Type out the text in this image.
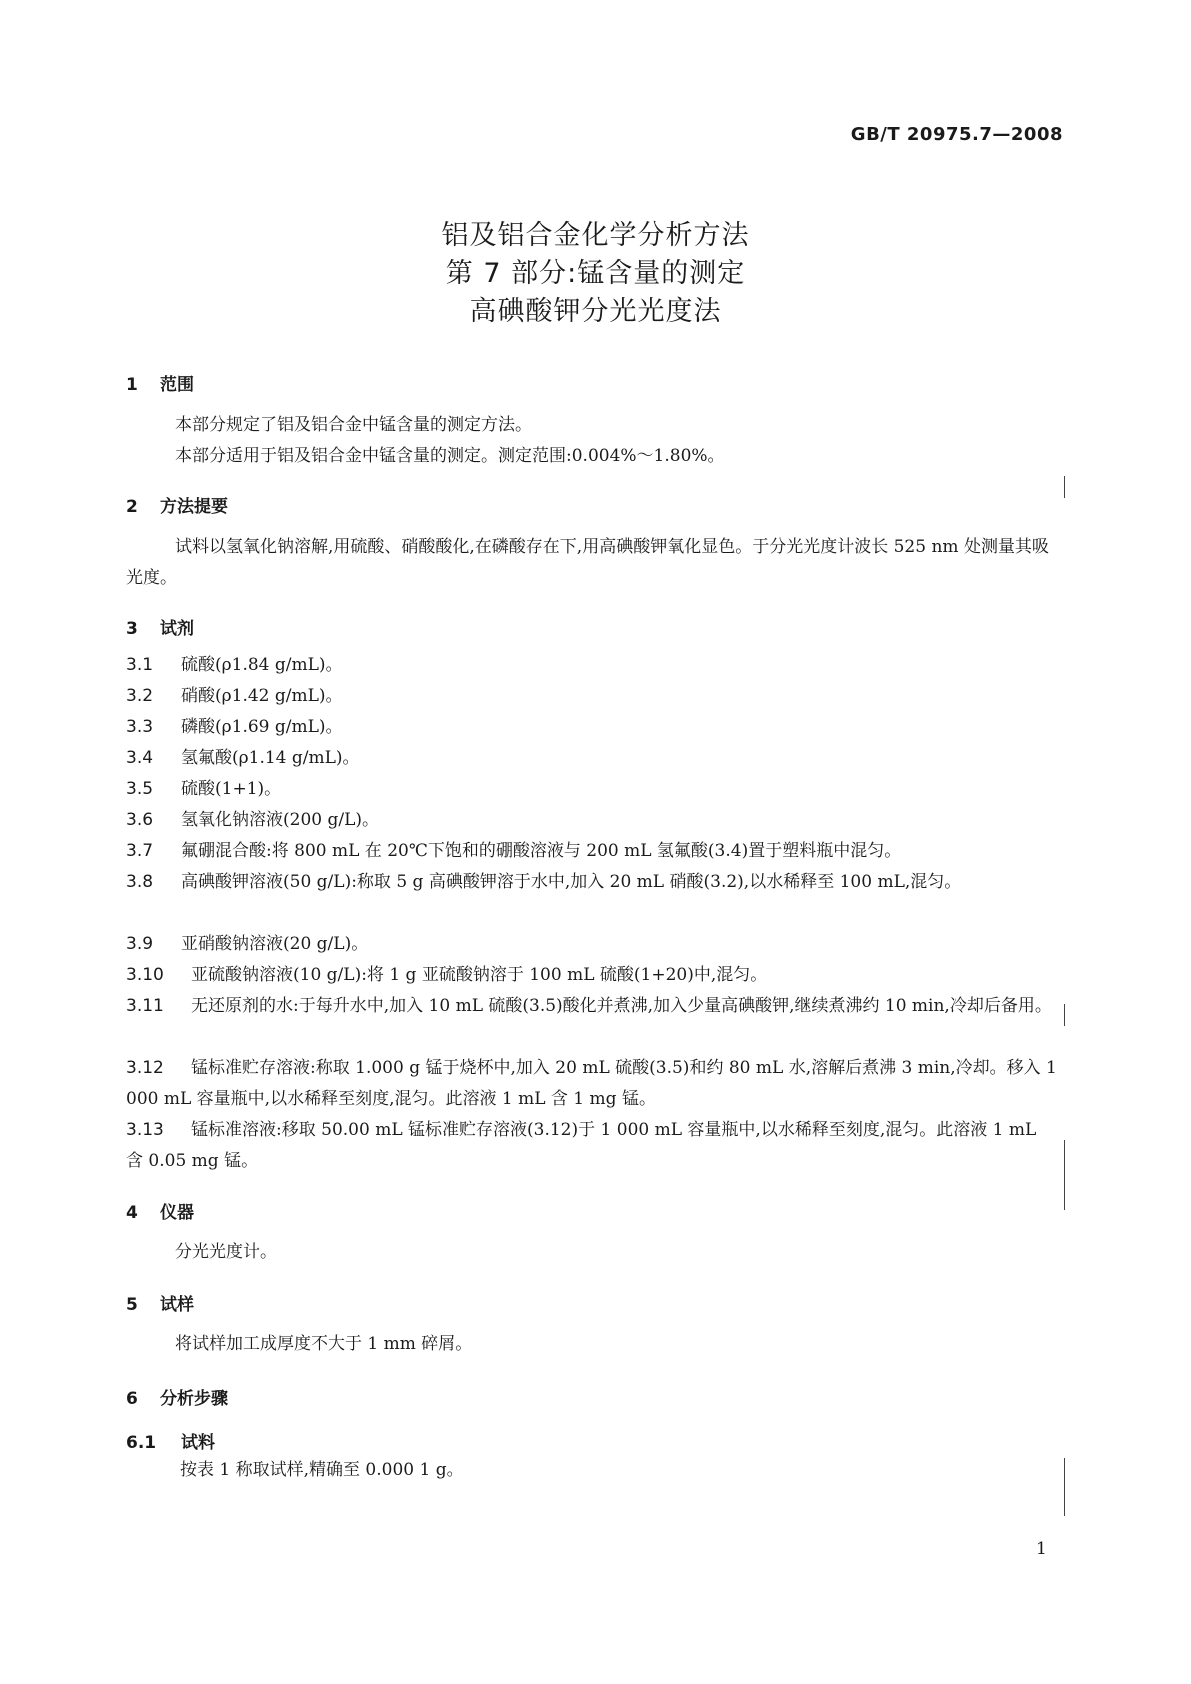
GB/T 20975.7—2008
铝及铝合金化学分析方法
第 7 部分:锰含量的测定
高碘酸钾分光光度法
1 范围
本部分规定了铝及铝合金中锰含量的测定方法。
本部分适用于铝及铝合金中锰含量的测定。测定范围:0.004%～1.80%。
2 方法提要
试料以氢氧化钠溶解,用硫酸、硝酸酸化,在磷酸存在下,用高碘酸钾氧化显色。于分光光度计波长 525 nm 处测量其吸光度。
3 试剂
3.1 硫酸(ρ1.84 g/mL)。
3.2 硝酸(ρ1.42 g/mL)。
3.3 磷酸(ρ1.69 g/mL)。
3.4 氢氟酸(ρ1.14 g/mL)。
3.5 硫酸(1+1)。
3.6 氢氧化钠溶液(200 g/L)。
3.7 氟硼混合酸:将 800 mL 在 20℃下饱和的硼酸溶液与 200 mL 氢氟酸(3.4)置于塑料瓶中混匀。
3.8 高碘酸钾溶液(50 g/L):称取 5 g 高碘酸钾溶于水中,加入 20 mL 硝酸(3.2),以水稀释至 100 mL,混匀。
3.9 亚硝酸钠溶液(20 g/L)。
3.10 亚硫酸钠溶液(10 g/L):将 1 g 亚硫酸钠溶于 100 mL 硫酸(1+20)中,混匀。
3.11 无还原剂的水:于每升水中,加入 10 mL 硫酸(3.5)酸化并煮沸,加入少量高碘酸钾,继续煮沸约 10 min,冷却后备用。
3.12 锰标准贮存溶液:称取 1.000 g 锰于烧杯中,加入 20 mL 硫酸(3.5)和约 80 mL 水,溶解后煮沸 3 min,冷却。移入 1 000 mL 容量瓶中,以水稀释至刻度,混匀。此溶液 1 mL 含 1 mg 锰。
3.13 锰标准溶液:移取 50.00 mL 锰标准贮存溶液(3.12)于 1 000 mL 容量瓶中,以水稀释至刻度,混匀。此溶液 1 mL 含 0.05 mg 锰。
4 仪器
分光光度计。
5 试样
将试样加工成厚度不大于 1 mm 碎屑。
6 分析步骤
6.1 试料
按表 1 称取试样,精确至 0.000 1 g。
1
